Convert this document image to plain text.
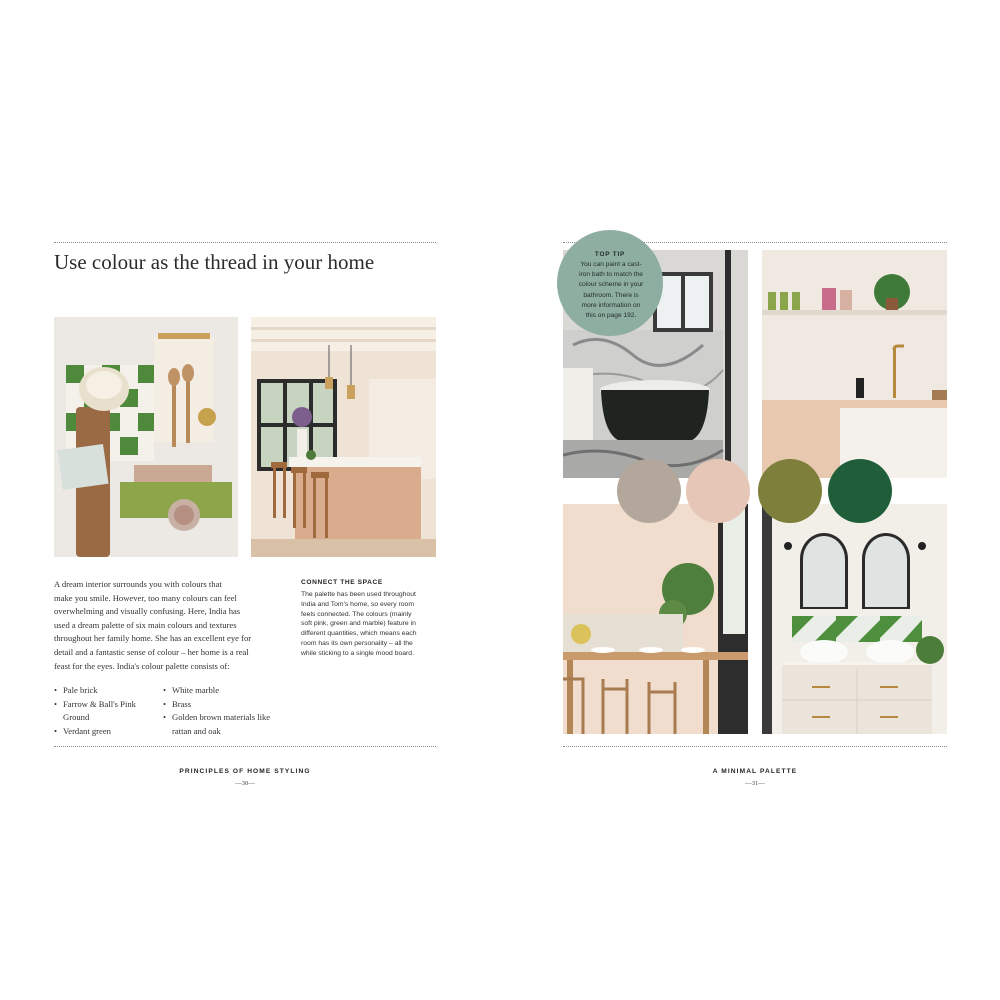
Use colour as the thread in your home
A dream interior surrounds you with colours that
make you smile. However, too many colours can feel
overwhelming and visually confusing. Here, India has
used a dream palette of six main colours and textures
throughout her family home. She has an excellent eye for
detail and a fantastic sense of colour – her home is a real
feast for the eyes. India's colour palette consists of:
• Pale brick
• Farrow & Ball's Pink Ground
• Verdant green
• White marble
• Brass
• Golden brown materials like rattan and oak
CONNECT THE SPACE
The palette has been used throughout
India and Tom's home, so every room
feels connected. The colours (mainly
soft pink, green and marble) feature in
different quantities, which means each
room has its own personality – all the
while sticking to a single mood board.
PRINCIPLES OF HOME STYLING
—30—
TOP TIP
You can paint a cast-
iron bath to match the
colour scheme in your
bathroom. There is
more information on
this on page 192.
A MINIMAL PALETTE
—31—
